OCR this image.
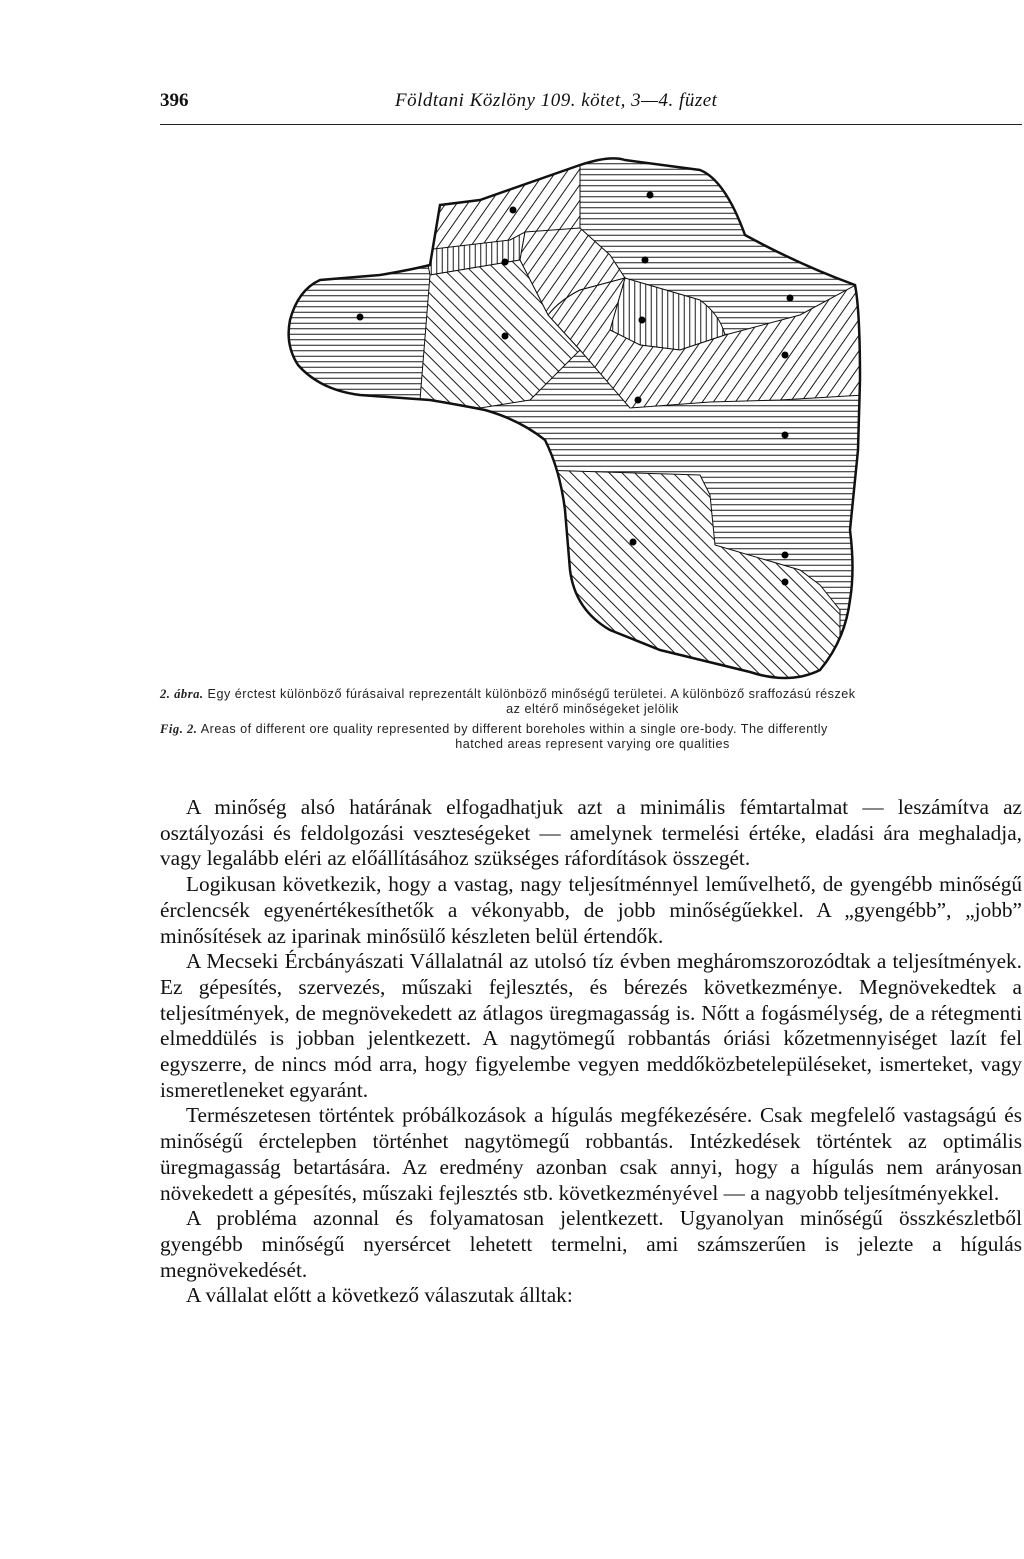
396	Földtani Közlöny 109. kötet, 3—4. füzet
2. ábra. Egy érctest különböző fúrásaival reprezentált különböző minőségű területei. A különböző sraffozású részek
az eltérő minőségeket jelölik
Fig. 2. Areas of different ore quality represented by different boreholes within a single ore-body. The differently
hatched areas represent varying ore qualities

A minőség alsó határának elfogadhatjuk azt a minimális fémtartalmat — leszámítva az osztályozási és feldolgozási veszteségeket — amelynek termelési értéke, eladási ára meghaladja, vagy legalább eléri az előállításához szükséges ráfordítások összegét.

Logikusan következik, hogy a vastag, nagy teljesítménnyel leművelhető, de gyengébb minőségű érclencsék egyenértékesíthetők a vékonyabb, de jobb minőségűekkel. A „gyengébb”, „jobb” minősítések az iparinak minősülő készleten belül értendők.

A Mecseki Ércbányászati Vállalatnál az utolsó tíz évben megháromszorozódtak a teljesítmények. Ez gépesítés, szervezés, műszaki fejlesztés, és bérezés következménye. Megnövekedtek a teljesítmények, de megnövekedett az átlagos üregmagasság is. Nőtt a fogásmélység, de a rétegmenti elmeddülés is jobban jelentkezett. A nagytömegű robbantás óriási kőzetmennyiséget lazít fel egyszerre, de nincs mód arra, hogy figyelembe vegyen meddőközbetelepüléseket, ismerteket, vagy ismeretleneket egyaránt.

Természetesen történtek próbálkozások a hígulás megfékezésére. Csak megfelelő vastagságú és minőségű érctelepben történhet nagytömegű robbantás. Intézkedések történtek az optimális üregmagasság betartására. Az eredmény azonban csak annyi, hogy a hígulás nem arányosan növekedett a gépesítés, műszaki fejlesztés stb. következményével — a nagyobb teljesítményekkel.

A probléma azonnal és folyamatosan jelentkezett. Ugyanolyan minőségű összkészletből gyengébb minőségű nyersércet lehetett termelni, ami számszerűen is jelezte a hígulás megnövekedését.

A vállalat előtt a következő válaszutak álltak:
